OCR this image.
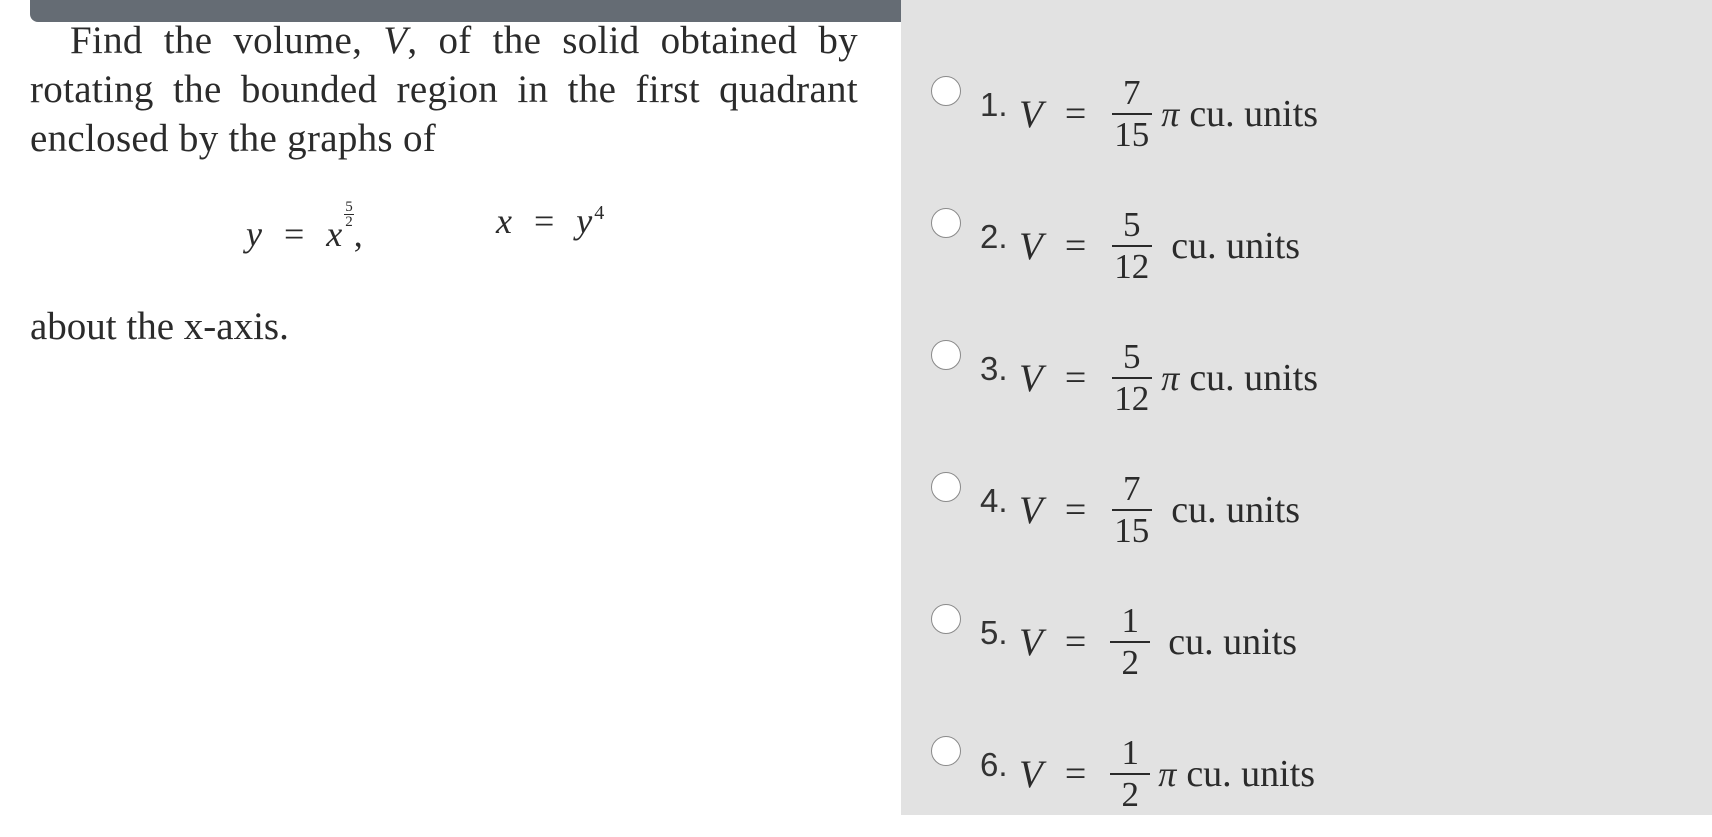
Find the volume, V, of the solid obtained by rotating the bounded region in the first quadrant enclosed by the graphs of
y = x $\frac{5}{2}$ ,	x = y $^4$
about the x-axis.
1. $V = \frac{7}{15}$ π cu. units
2. $V = \frac{5}{12}$ cu. units
3. $V = \frac{5}{12}$ π cu. units
4. $V = \frac{7}{15}$ cu. units
5. $V = \frac{1}{2}$ cu. units
6. $V = \frac{1}{2}$ π cu. units
